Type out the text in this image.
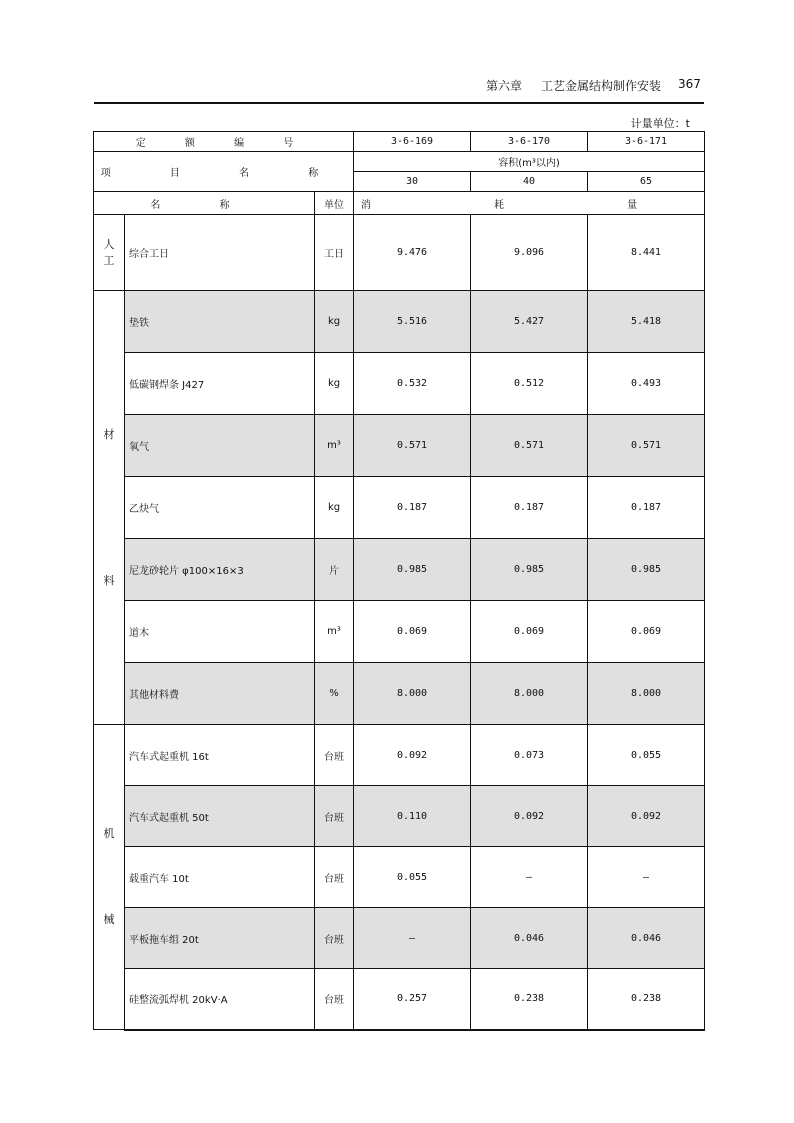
第六章 工艺金属结构制作安装 367
计量单位：t
定 额 编 号			3-6-169	3-6-170	3-6-171
项 目 名 称			容积(m³以内)		
			30	40	65
名 称		单位	消 耗 量		

人
工	综合工日	工日	9.476	9.096	8.441

材
料	垫铁	kg	5.516	5.427	5.418
	低碳钢焊条 J427	kg	0.532	0.512	0.493
	氧气	m³	0.571	0.571	0.571
	乙炔气	kg	0.187	0.187	0.187
	尼龙砂轮片 φ100×16×3	片	0.985	0.985	0.985
	道木	m³	0.069	0.069	0.069
	其他材料费	%	8.000	8.000	8.000

机
械	汽车式起重机 16t	台班	0.092	0.073	0.055
	汽车式起重机 50t	台班	0.110	0.092	0.092
	载重汽车 10t	台班	0.055	—	—
	平板拖车组 20t	台班	—	0.046	0.046
	硅整流弧焊机 20kV·A	台班	0.257	0.238	0.238
